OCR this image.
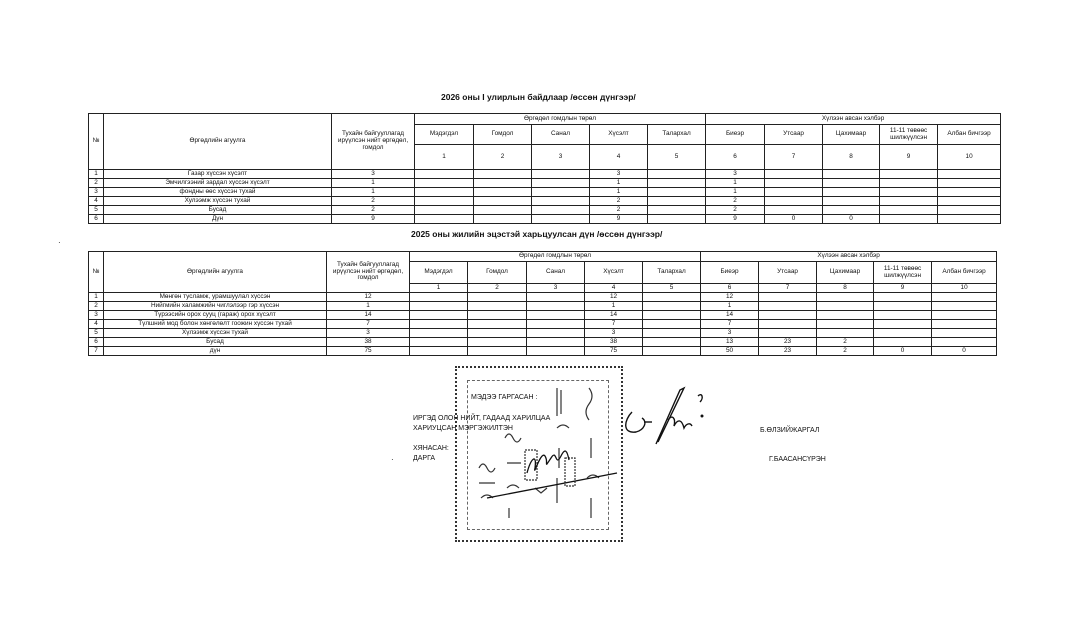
2026 оны I улирлын байдлаар /өссөн дүнгээр/
№	Өргөдлийн агуулга	Тухайн байгууллагад ирүүлсэн нийт өргөдөл, гомдол	Өргөдөл гомдлын төрөл					Хүлээн авсан хэлбэр				
			Мэдэгдэл	Гомдол	Санал	Хүсэлт	Талархал	Биеэр	Утсаар	Цахимаар	11-11 төвөөс шилжүүлсэн	Албан бичгээр
			1	2	3	4	5	6	7	8	9	10
1	Газар хүссэн хүсэлт	3				3		3				
2	Эмчилгээний зардал хүссэн хүсэлт	1				1		1				
3	фондны өөс хүссэн тухай	1				1		1				
4	Хулээмж хүссэн тухай	2				2		2				
5	Бусад	2				2		2				
6	Дүн	9				9		9	0	0		
2025 оны жилийн эцэстэй харьцуулсан дүн /өссөн дүнгээр/
№	Өргөдлийн агуулга	Тухайн байгууллагад ирүүлсэн нийт өргөдөл, гомдол	Өргөдөл гомдлын төрөл					Хүлээн авсан хэлбэр				
			Мэдэгдэл	Гомдол	Санал	Хүсэлт	Талархал	Биеэр	Утсаар	Цахимаар	11-11 төвөөс шилжүүлсэн	Албан бичгээр
			1	2	3	4	5	6	7	8	9	10
1	Мөнгөн тусламж, урамшуулал хүссэн	12				12		12				
2	Нийгмийн халамжийн чиглэлээр гэр хүссэн	1				1		1				
3	Түрээсийн орох сууц (гараж) орох хүсэлт	14				14		14				
4	Түлшний мод болон хөнгөлөлт гоожин хүссэн тухай	7				7		7				
5	Хүлээмж хүссэн тухай	3				3		3				
6	Бусад	38				38		13	23	2		
7	дүн	75				75		50	23	2	0	0
МЭДЭЭ ГАРГАСАН :
ИРГЭД ОЛОН НИЙТ, ГАДААД ХАРИЛЦАА
ХАРИУЦСАН МЭРГЭЖИЛТЭН	Б.ӨЛЗИЙЖАРГАЛ
ХЯНАСАН:
ДАРГА	Г.БААСАНСҮРЭН
·
·
